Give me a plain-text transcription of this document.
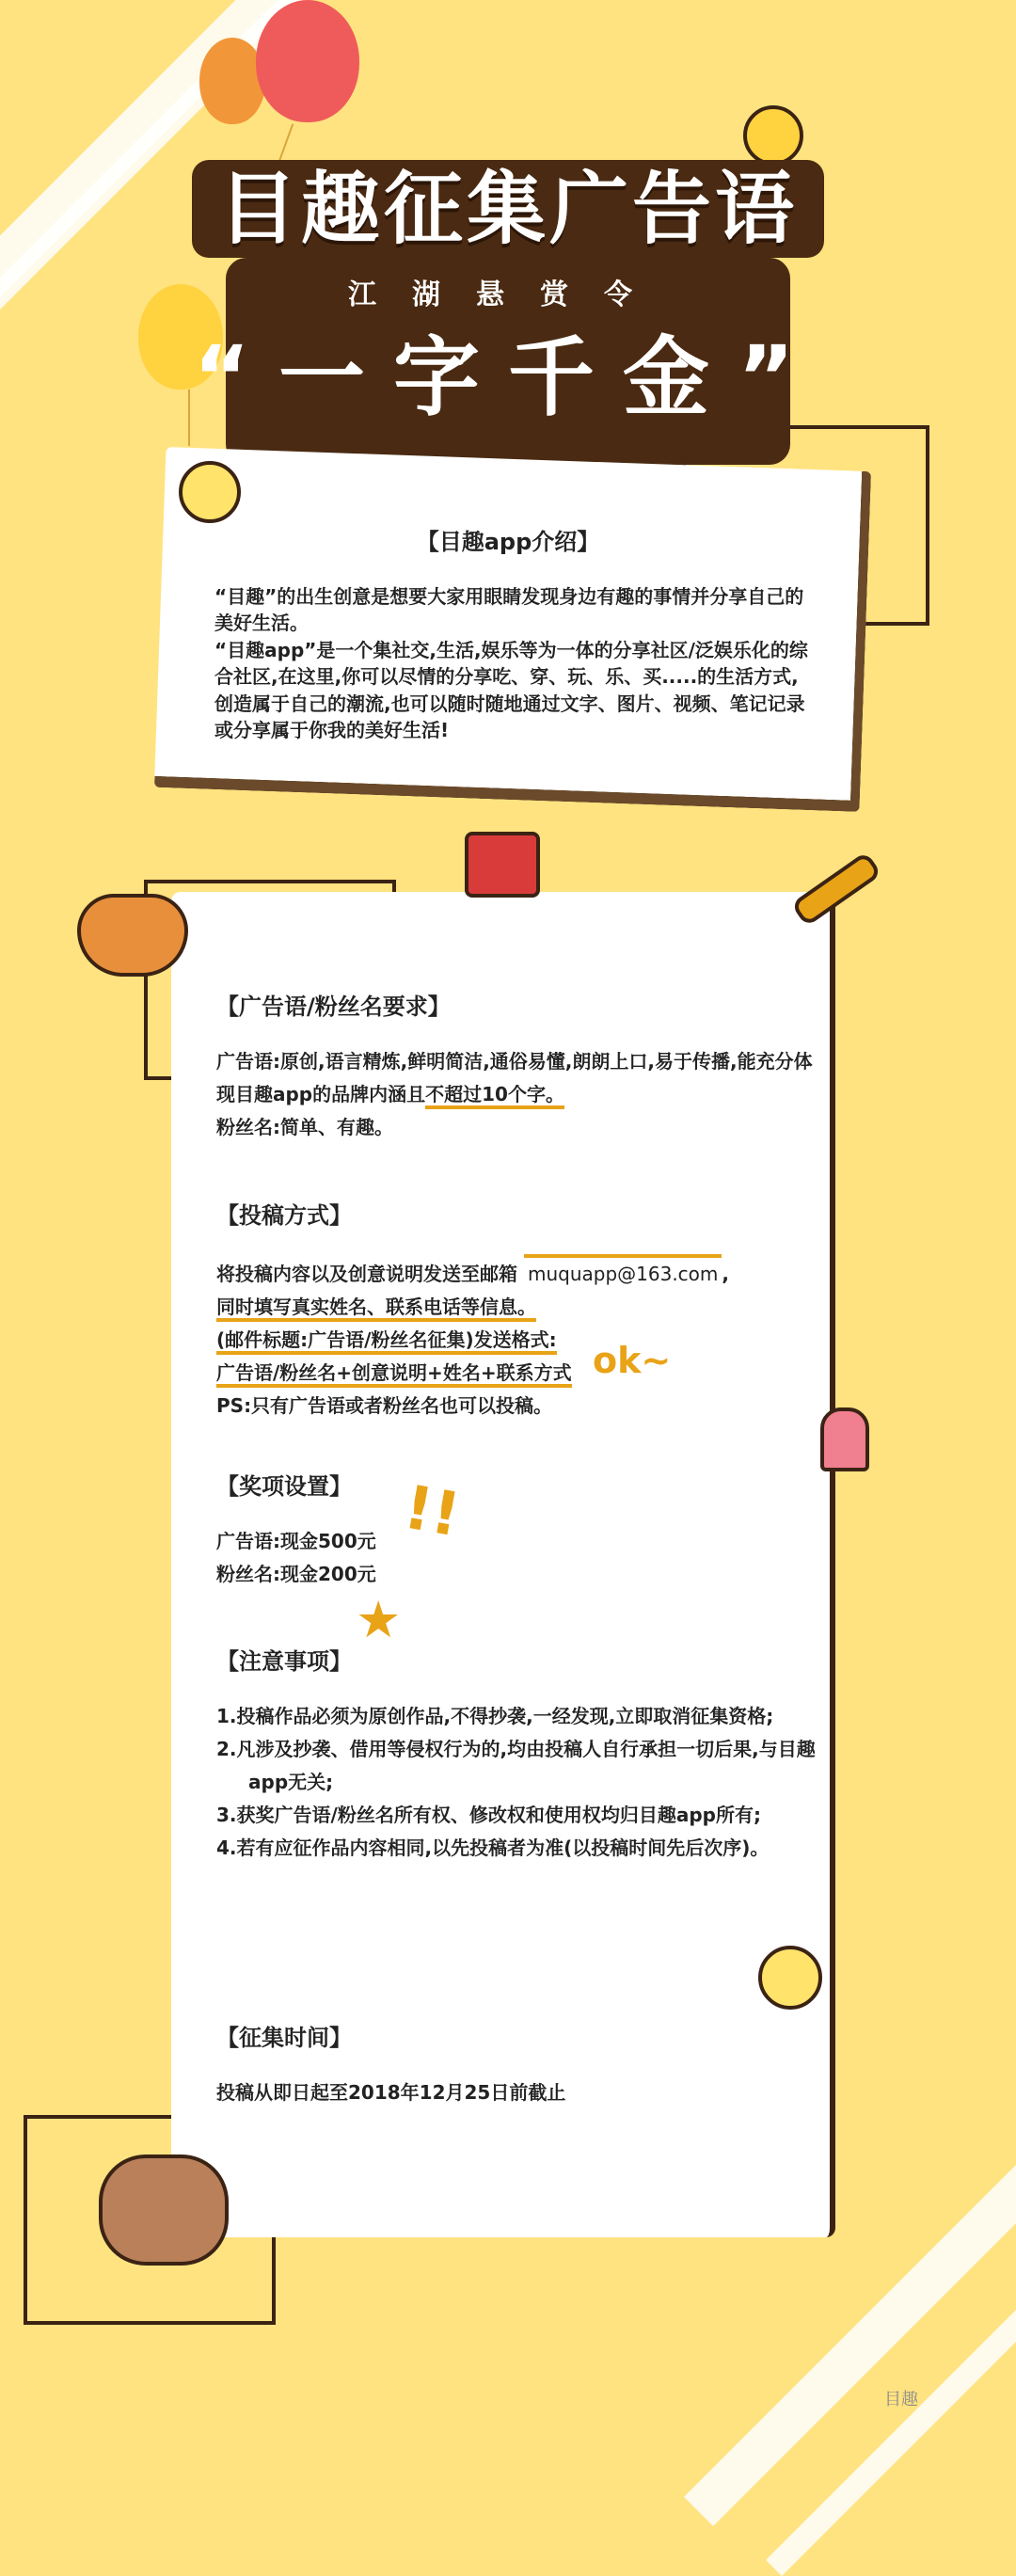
目趣征集广告语
江湖悬赏令
“一字千金”
【目趣app介绍】
“目趣”的出生创意是想要大家用眼睛发现身边有趣的事情并分享自己的美好生活。
“目趣app”是一个集社交,生活,娱乐等为一体的分享社区/泛娱乐化的综合社区,在这里,你可以尽情的分享吃、穿、玩、乐、买.....的生活方式,创造属于自己的潮流,也可以随时随地通过文字、图片、视频、笔记记录或分享属于你我的美好生活!
★
【广告语/粉丝名要求】
广告语:原创,语言精炼,鲜明简洁,通俗易懂,朗朗上口,易于传播,能充分体现目趣app的品牌内涵且不超过10个字。
粉丝名:简单、有趣。
【投稿方式】
将投稿内容以及创意说明发送至邮箱 muquapp@163.com ,
同时填写真实姓名、联系电话等信息。
(邮件标题:广告语/粉丝名征集)发送格式:
广告语/粉丝名+创意说明+姓名+联系方式
PS:只有广告语或者粉丝名也可以投稿。
ok~
【奖项设置】
广告语:现金500元
粉丝名:现金200元
!!
【注意事项】
1.投稿作品必须为原创作品,不得抄袭,一经发现,立即取消征集资格;
2.凡涉及抄袭、借用等侵权行为的,均由投稿人自行承担一切后果,与目趣app无关;
3.获奖广告语/粉丝名所有权、修改权和使用权均归目趣app所有;
4.若有应征作品内容相同,以先投稿者为准(以投稿时间先后次序)。
【征集时间】
投稿从即日起至2018年12月25日前截止
目趣
